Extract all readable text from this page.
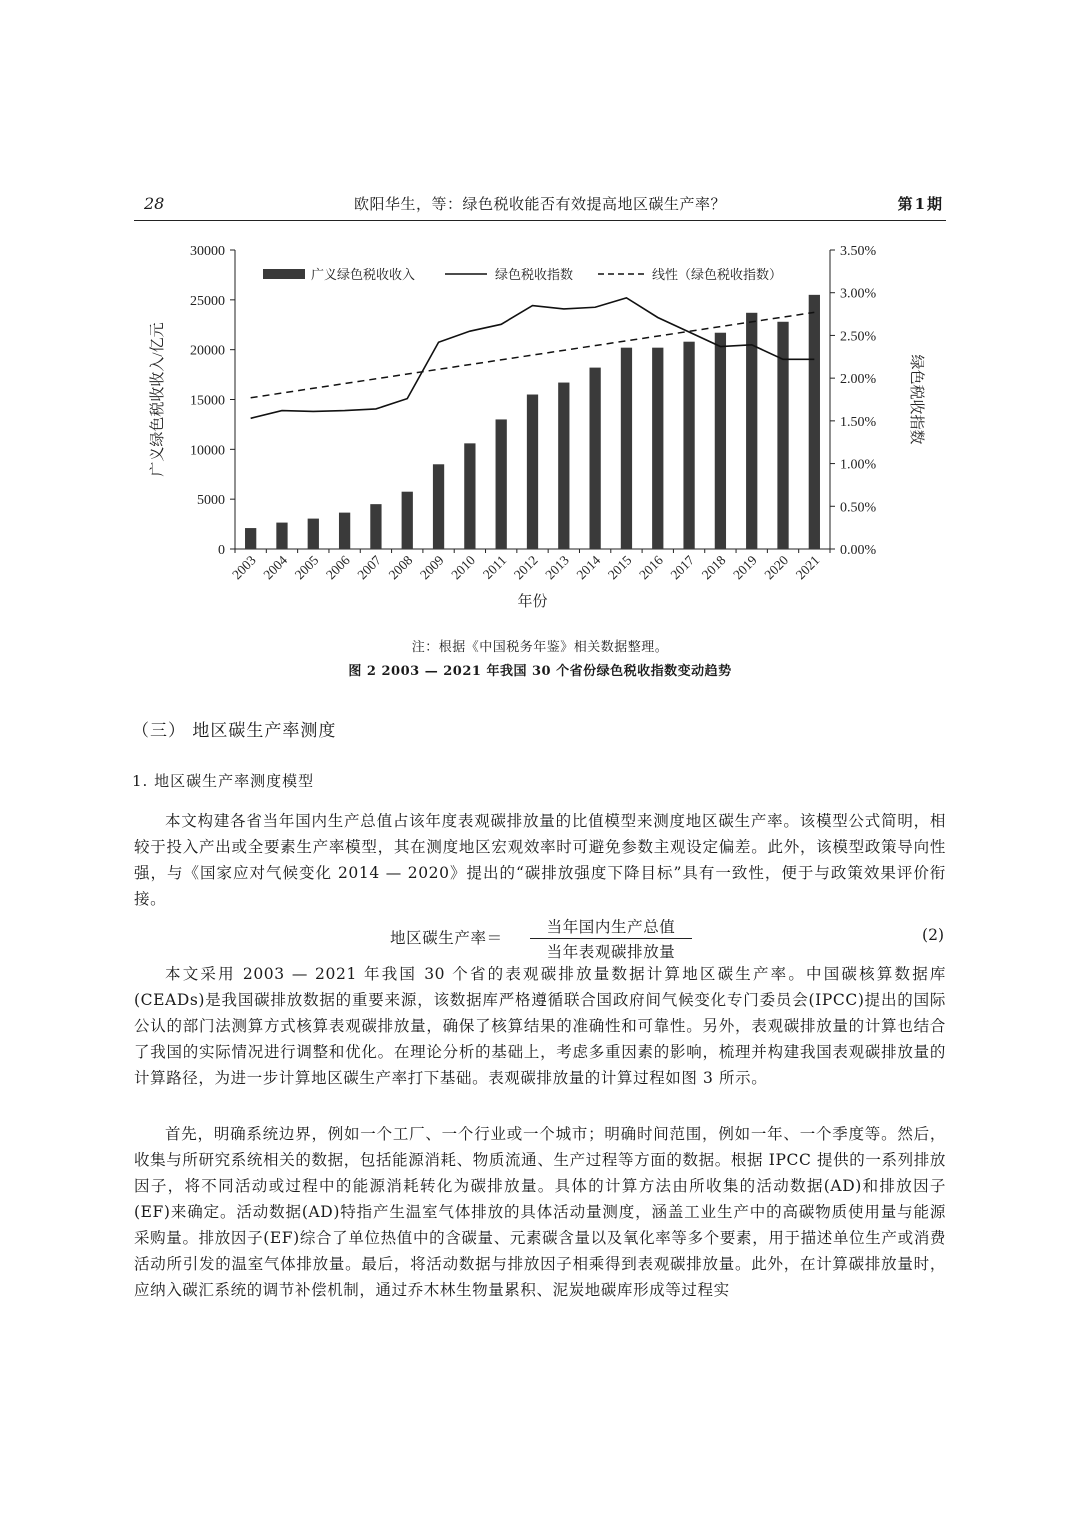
28	欧阳华生，等：绿色税收能否有效提高地区碳生产率？	第1期
0
5000
10000
15000
20000
25000
30000
0.00%
0.50%
1.00%
1.50%
2.00%
2.50%
3.00%
3.50%
2003 2004 2005 2006 2007 2008 2009 2010 2011 2012 2013 2014 2015 2016 2017 2018 2019 2020 2021
广义绿色税收收入	绿色税收指数	线性（绿色税收指数）
广义绿色税收收入/亿元	绿色税收指数
年份
注：根据《中国税务年鉴》相关数据整理。
图 2 2003 — 2021 年我国 30 个省份绿色税收指数变动趋势
（三） 地区碳生产率测度
1. 地区碳生产率测度模型

本文构建各省当年国内生产总值占该年度表观碳排放量的比值模型来测度地区碳生产率。该模型公式简明，相较于投入产出或全要素生产率模型，其在测度地区宏观效率时可避免参数主观设定偏差。此外，该模型政策导向性强，与《国家应对气候变化 2014 — 2020》提出的“碳排放强度下降目标”具有一致性，便于与政策效果评价衔接。

地区碳生产率＝
当年国内生产总值
当年表观碳排放量
(2)

本文采用 2003 — 2021 年我国 30 个省的表观碳排放量数据计算地区碳生产率。中国碳核算数据库(CEADs)是我国碳排放数据的重要来源，该数据库严格遵循联合国政府间气候变化专门委员会(IPCC)提出的国际公认的部门法测算方式核算表观碳排放量，确保了核算结果的准确性和可靠性。另外，表观碳排放量的计算也结合了我国的实际情况进行调整和优化。在理论分析的基础上，考虑多重因素的影响，梳理并构建我国表观碳排放量的计算路径，为进一步计算地区碳生产率打下基础。表观碳排放量的计算过程如图 3 所示。

首先，明确系统边界，例如一个工厂、一个行业或一个城市；明确时间范围，例如一年、一个季度等。然后，收集与所研究系统相关的数据，包括能源消耗、物质流通、生产过程等方面的数据。根据 IPCC 提供的一系列排放因子，将不同活动或过程中的能源消耗转化为碳排放量。具体的计算方法由所收集的活动数据(AD)和排放因子(EF)来确定。活动数据(AD)特指产生温室气体排放的具体活动量测度，涵盖工业生产中的高碳物质使用量与能源采购量。排放因子(EF)综合了单位热值中的含碳量、元素碳含量以及氧化率等多个要素，用于描述单位生产或消费活动所引发的温室气体排放量。最后，将活动数据与排放因子相乘得到表观碳排放量。此外，在计算碳排放量时，应纳入碳汇系统的调节补偿机制，通过乔木林生物量累积、泥炭地碳库形成等过程实
